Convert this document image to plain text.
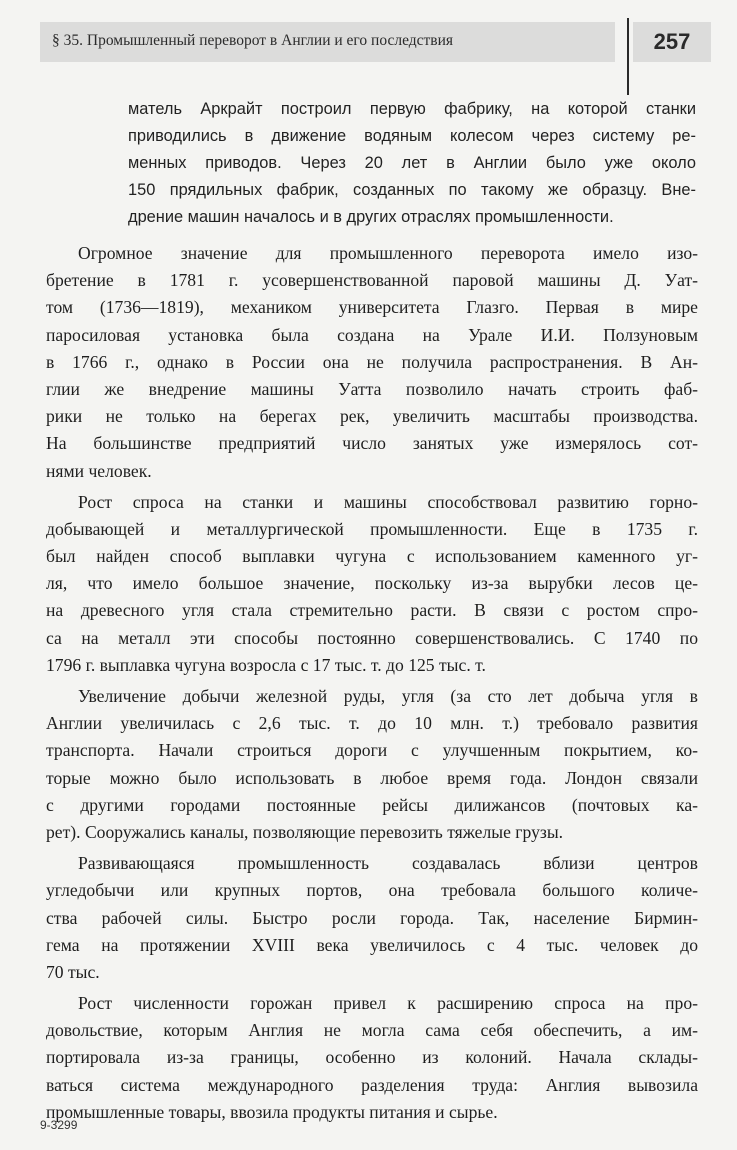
§ 35. Промышленный переворот в Англии и его последствия	257
матель Аркрайт построил первую фабрику, на которой станки
приводились в движение водяным колесом через систему ре-
менных приводов. Через 20 лет в Англии было уже около
150 прядильных фабрик, созданных по такому же образцу. Вне-
дрение машин началось и в других отраслях промышленности.
Огромное значение для промышленного переворота имело изо-
бретение в 1781 г. усовершенствованной паровой машины Д. Уат-
том (1736—1819), механиком университета Глазго. Первая в мире
паросиловая установка была создана на Урале И.И. Ползуновым
в 1766 г., однако в России она не получила распространения. В Ан-
глии же внедрение машины Уатта позволило начать строить фаб-
рики не только на берегах рек, увеличить масштабы производства.
На большинстве предприятий число занятых уже измерялось сот-
нями человек.
Рост спроса на станки и машины способствовал развитию горно-
добывающей и металлургической промышленности. Еще в 1735 г.
был найден способ выплавки чугуна с использованием каменного уг-
ля, что имело большое значение, поскольку из-за вырубки лесов це-
на древесного угля стала стремительно расти. В связи с ростом спро-
са на металл эти способы постоянно совершенствовались. С 1740 по
1796 г. выплавка чугуна возросла с 17 тыс. т. до 125 тыс. т.
Увеличение добычи железной руды, угля (за сто лет добыча угля в
Англии увеличилась с 2,6 тыс. т. до 10 млн. т.) требовало развития
транспорта. Начали строиться дороги с улучшенным покрытием, ко-
торые можно было использовать в любое время года. Лондон связали
с другими городами постоянные рейсы дилижансов (почтовых ка-
рет). Сооружались каналы, позволяющие перевозить тяжелые грузы.
Развивающаяся промышленность создавалась вблизи центров
угледобычи или крупных портов, она требовала большого количе-
ства рабочей силы. Быстро росли города. Так, население Бирмин-
гема на протяжении XVIII века увеличилось с 4 тыс. человек до
70 тыс.
Рост численности горожан привел к расширению спроса на про-
довольствие, которым Англия не могла сама себя обеспечить, а им-
портировала из-за границы, особенно из колоний. Начала склады-
ваться система международного разделения труда: Англия вывозила
промышленные товары, ввозила продукты питания и сырье.
9-3299
